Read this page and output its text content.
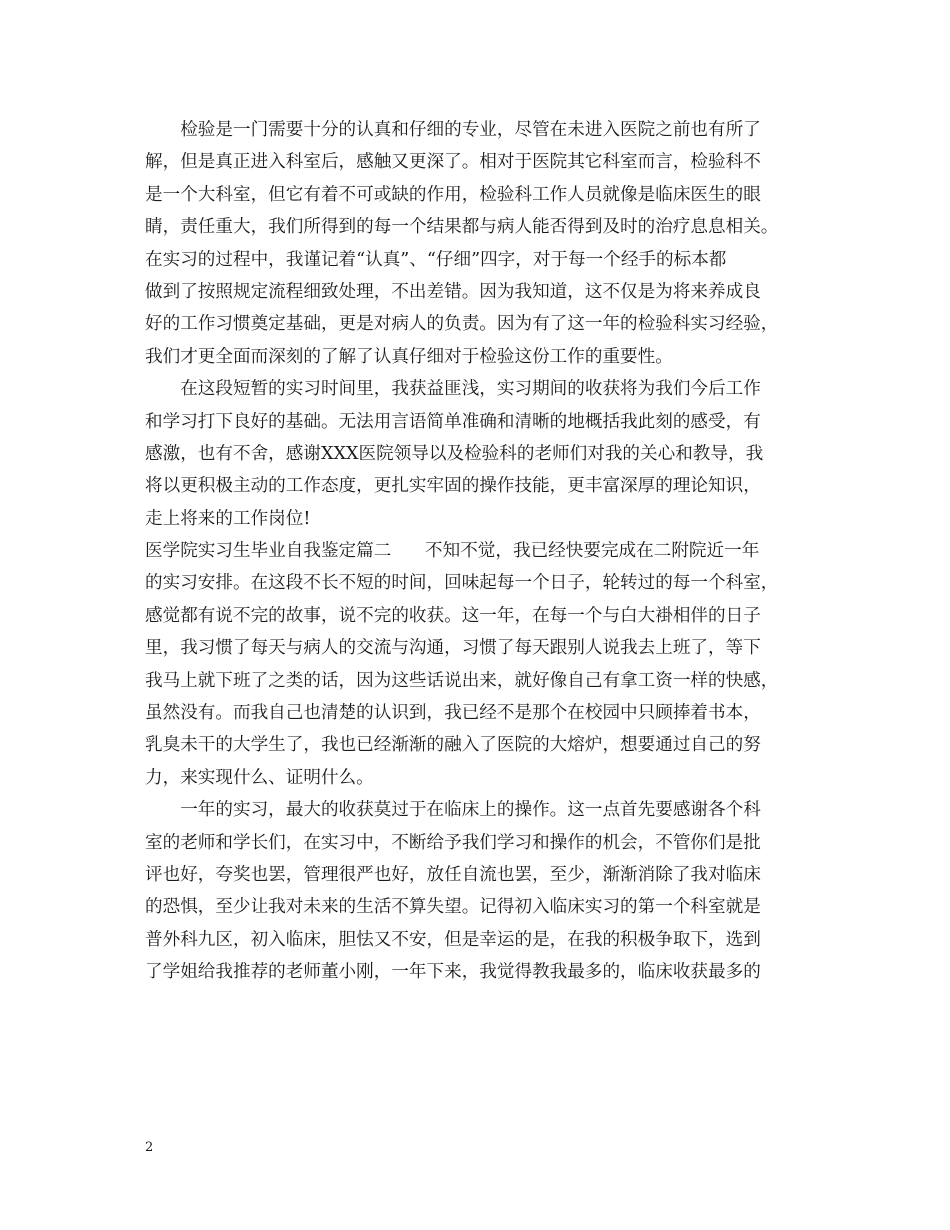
　　检验是一门需要十分的认真和仔细的专业，尽管在未进入医院之前也有所了
解，但是真正进入科室后，感触又更深了。相对于医院其它科室而言，检验科不
是一个大科室，但它有着不可或缺的作用，检验科工作人员就像是临床医生的眼
睛，责任重大，我们所得到的每一个结果都与病人能否得到及时的治疗息息相关。
在实习的过程中，我谨记着“认真”、“仔细”四字，对于每一个经手的标本都
做到了按照规定流程细致处理，不出差错。因为我知道，这不仅是为将来养成良
好的工作习惯奠定基础，更是对病人的负责。因为有了这一年的检验科实习经验，
我们才更全面而深刻的了解了认真仔细对于检验这份工作的重要性。
　　在这段短暂的实习时间里，我获益匪浅，实习期间的收获将为我们今后工作
和学习打下良好的基础。无法用言语简单准确和清晰的地概括我此刻的感受，有
感激，也有不舍，感谢XXX医院领导以及检验科的老师们对我的关心和教导，我
将以更积极主动的工作态度，更扎实牢固的操作技能，更丰富深厚的理论知识，
走上将来的工作岗位!
医学院实习生毕业自我鉴定篇二 不知不觉，我已经快要完成在二附院近一年
的实习安排。在这段不长不短的时间，回味起每一个日子，轮转过的每一个科室，
感觉都有说不完的故事，说不完的收获。这一年，在每一个与白大褂相伴的日子
里，我习惯了每天与病人的交流与沟通，习惯了每天跟别人说我去上班了，等下
我马上就下班了之类的话，因为这些话说出来，就好像自己有拿工资一样的快感，
虽然没有。而我自己也清楚的认识到，我已经不是那个在校园中只顾捧着书本，
乳臭未干的大学生了，我也已经渐渐的融入了医院的大熔炉，想要通过自己的努
力，来实现什么、证明什么。
　　一年的实习，最大的收获莫过于在临床上的操作。这一点首先要感谢各个科
室的老师和学长们，在实习中，不断给予我们学习和操作的机会，不管你们是批
评也好，夸奖也罢，管理很严也好，放任自流也罢，至少，渐渐消除了我对临床
的恐惧，至少让我对未来的生活不算失望。记得初入临床实习的第一个科室就是
普外科九区，初入临床，胆怯又不安，但是幸运的是，在我的积极争取下，选到
了学姐给我推荐的老师董小刚，一年下来，我觉得教我最多的，临床收获最多的
2
